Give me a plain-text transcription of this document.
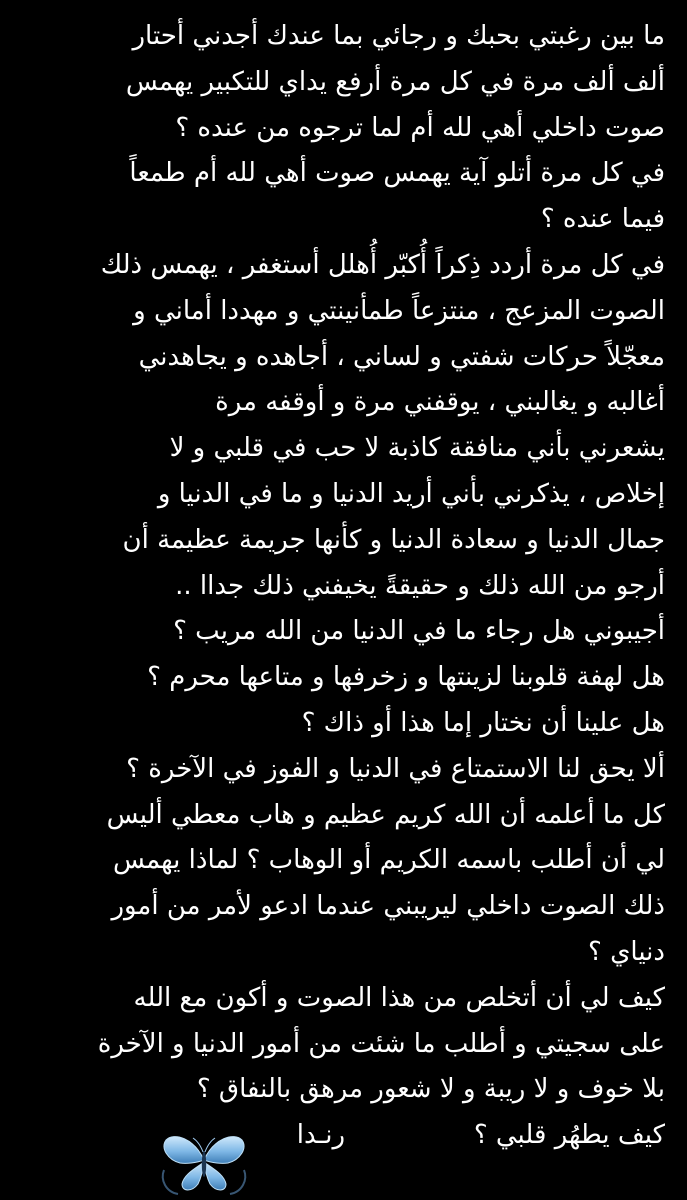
ما بين رغبتي بحبك و رجائي بما عندك أجدني أحتار
ألف ألف مرة في كل مرة أرفع يداي للتكبير يهمس
صوت داخلي أهي لله أم لما ترجوه من عنده ؟
في كل مرة أتلو آية يهمس صوت أهي لله أم طمعاً
فيما عنده ؟
في كل مرة أردد ذِكراً أُكبّر أُهلل أستغفر ، يهمس ذلك
الصوت المزعج ، منتزعاً طمأنينتي و مهددا أماني و
معجّلاً حركات شفتي و لساني ، أجاهده و يجاهدني
أغالبه و يغالبني ، يوقفني مرة و أوقفه مرة
يشعرني بأني منافقة كاذبة لا حب في قلبي و لا
إخلاص ، يذكرني بأني أريد الدنيا و ما في الدنيا و
جمال الدنيا و سعادة الدنيا و كأنها جريمة عظيمة أن
أرجو من الله ذلك و حقيقةً يخيفني ذلك جداا ..
أجيبوني هل رجاء ما في الدنيا من الله مريب ؟
هل لهفة قلوبنا لزينتها و زخرفها و متاعها محرم ؟
هل علينا أن نختار إما هذا أو ذاك ؟
ألا يحق لنا الاستمتاع في الدنيا و الفوز في الآخرة ؟
كل ما أعلمه أن الله كريم عظيم و هاب معطي أليس
لي أن أطلب باسمه الكريم أو الوهاب ؟ لماذا يهمس
ذلك الصوت داخلي ليريبني عندما ادعو لأمر من أمور
دنياي ؟
كيف لي أن أتخلص من هذا الصوت و أكون مع الله
على سجيتي و أطلب ما شئت من أمور الدنيا و الآخرة
بلا خوف و لا ريبة و لا شعور مرهق بالنفاق ؟
كيف يطهُر قلبي ؟
رنـدا
